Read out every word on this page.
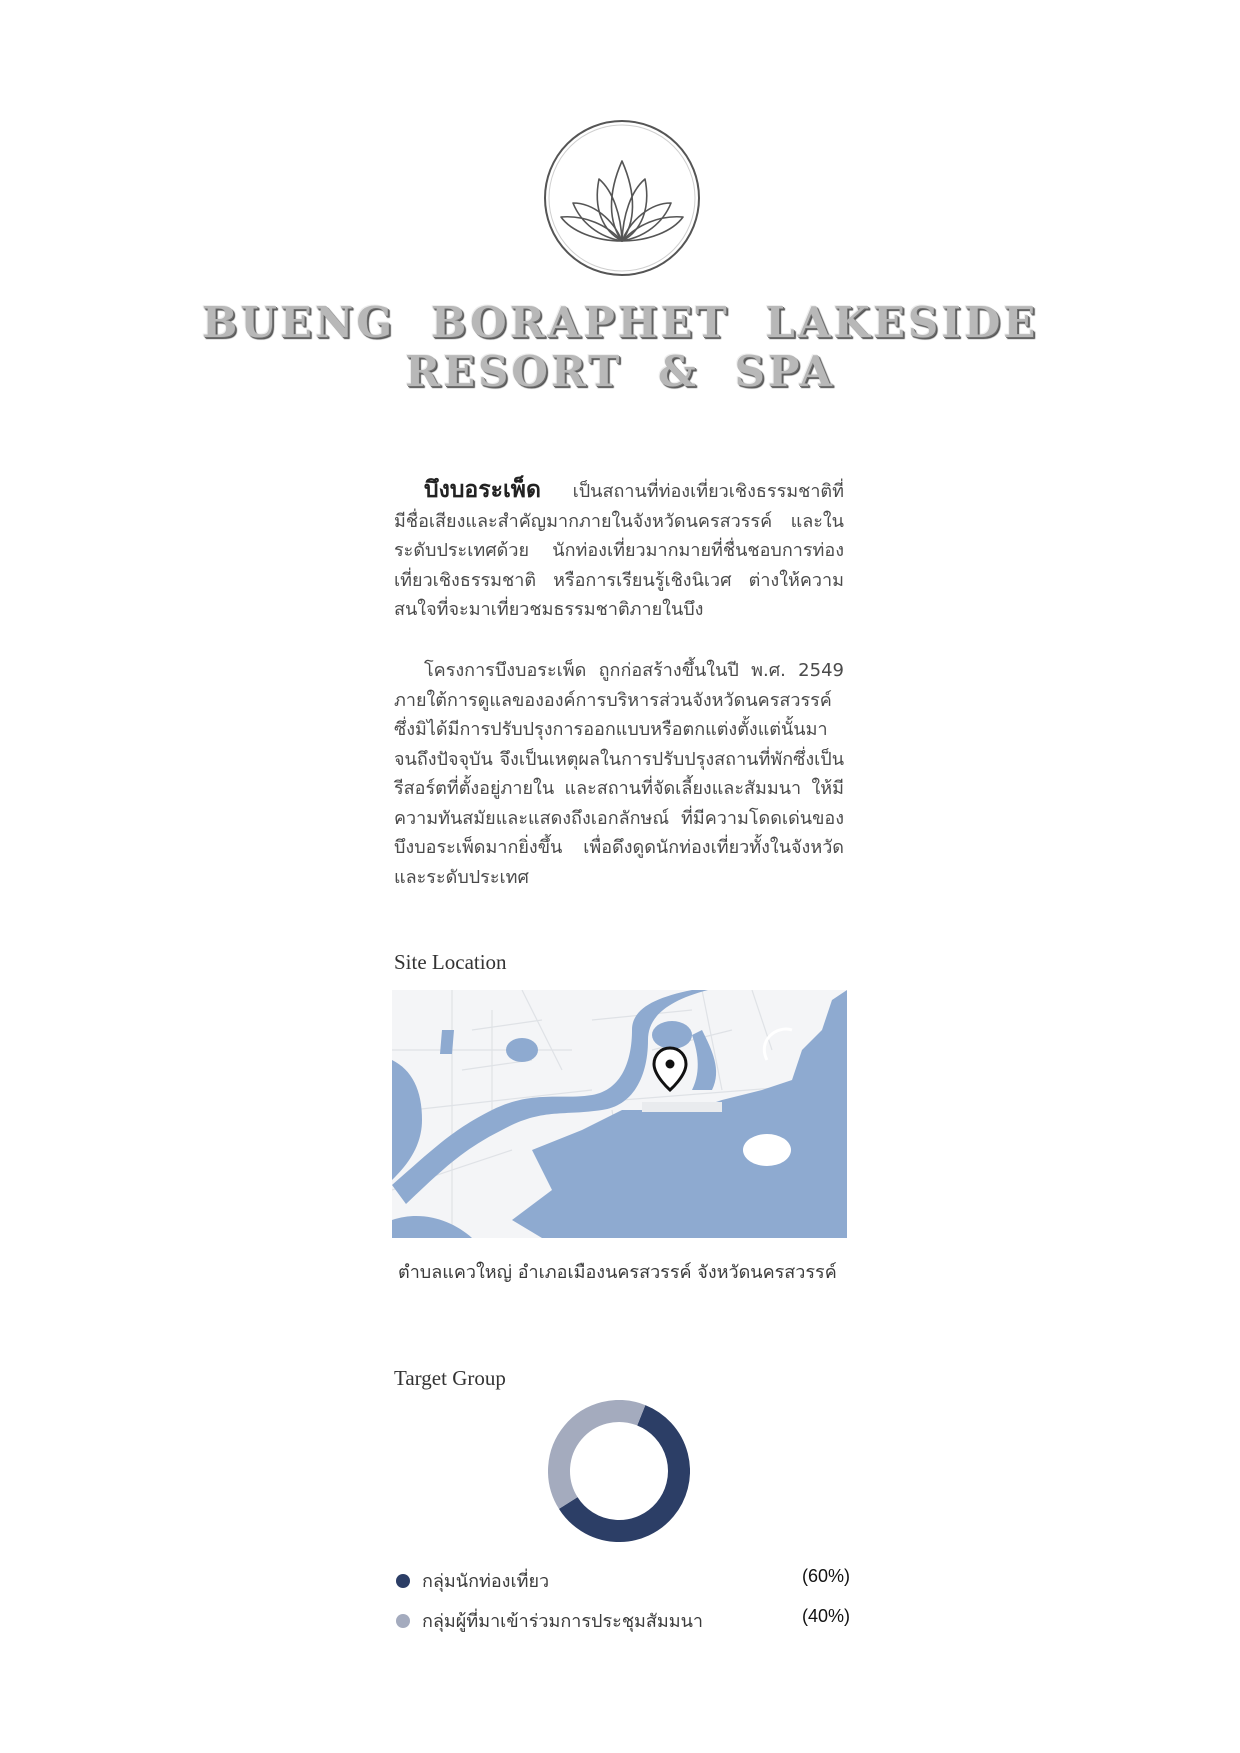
BUENG BORAPHET LAKESIDE
RESORT & SPA
บึงบอระเพ็ด เป็นสถานที่ท่องเที่ยวเชิงธรรมชาติที่มีชื่อเสียงและสำคัญมากภายในจังหวัดนครสวรรค์ และในระดับประเทศด้วย นักท่องเที่ยวมากมายที่ชื่นชอบการท่องเที่ยวเชิงธรรมชาติ หรือการเรียนรู้เชิงนิเวศ ต่างให้ความสนใจที่จะมาเที่ยวชมธรรมชาติภายในบึง
โครงการบึงบอระเพ็ด ถูกก่อสร้างขึ้นในปี พ.ศ. 2549 ภายใต้การดูแลขององค์การบริหารส่วนจังหวัดนครสวรรค์ ซึ่งมิได้มีการปรับปรุงการออกแบบหรือตกแต่งตั้งแต่นั้นมาจนถึงปัจจุบัน จึงเป็นเหตุผลในการปรับปรุงสถานที่พักซึ่งเป็นรีสอร์ตที่ตั้งอยู่ภายใน และสถานที่จัดเลี้ยงและสัมมนา ให้มีความทันสมัยและแสดงถึงเอกลักษณ์ ที่มีความโดดเด่นของบึงบอระเพ็ดมากยิ่งขึ้น เพื่อดึงดูดนักท่องเที่ยวทั้งในจังหวัดและระดับประเทศ
Site Location
ตำบลแควใหญ่ อำเภอเมืองนครสวรรค์ จังหวัดนครสวรรค์
Target Group
กลุ่มนักท่องเที่ยว	(60%)
กลุ่มผู้ที่มาเข้าร่วมการประชุมสัมมนา	(40%)
